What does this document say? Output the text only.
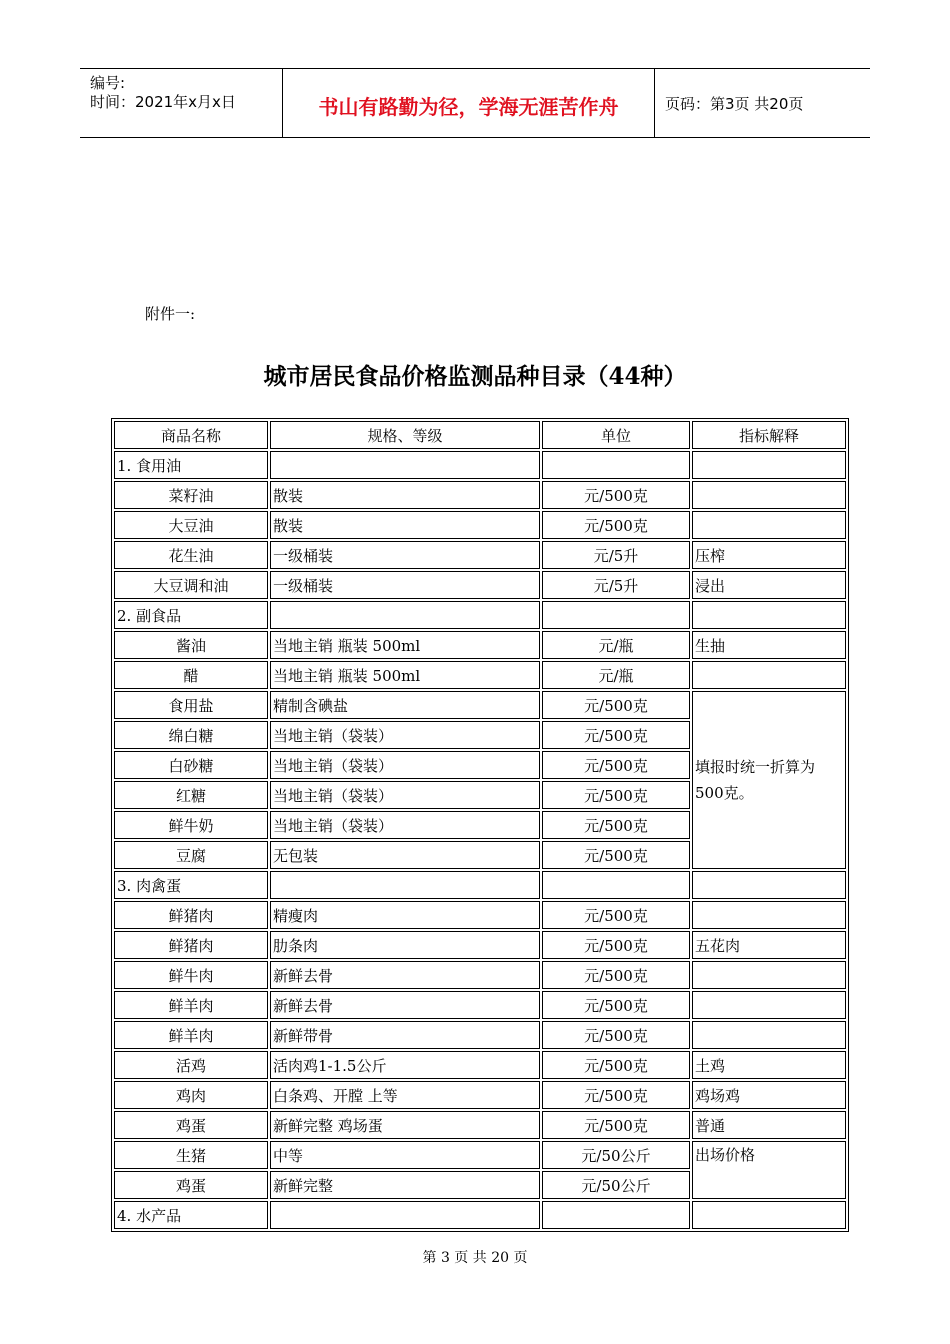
编号:
时间：2021年x月x日	书山有路勤为径，学海无涯苦作舟	页码：第3页 共20页
附件一:
城市居民食品价格监测品种目录（44种）
商品名称	规格、等级	单位	指标解释
1. 食用油			
菜籽油	散装	元/500克	
大豆油	散装	元/500克	
花生油	一级桶装	元/5升	压榨
大豆调和油	一级桶装	元/5升	浸出
2. 副食品			
酱油	当地主销 瓶装 500ml	元/瓶	生抽
醋	当地主销 瓶装 500ml	元/瓶	
食用盐	精制含碘盐	元/500克	填报时统一折算为500克。
绵白糖	当地主销（袋装）	元/500克	
白砂糖	当地主销（袋装）	元/500克	
红糖	当地主销（袋装）	元/500克	
鲜牛奶	当地主销（袋装）	元/500克	
豆腐	无包装	元/500克	
3. 肉禽蛋			
鲜猪肉	精瘦肉	元/500克	
鲜猪肉	肋条肉	元/500克	五花肉
鲜牛肉	新鲜去骨	元/500克	
鲜羊肉	新鲜去骨	元/500克	
鲜羊肉	新鲜带骨	元/500克	
活鸡	活肉鸡1-1.5公斤	元/500克	土鸡
鸡肉	白条鸡、开膛 上等	元/500克	鸡场鸡
鸡蛋	新鲜完整 鸡场蛋	元/500克	普通
生猪	中等	元/50公斤	出场价格
鸡蛋	新鲜完整	元/50公斤	
4. 水产品			
第 3 页 共 20 页
